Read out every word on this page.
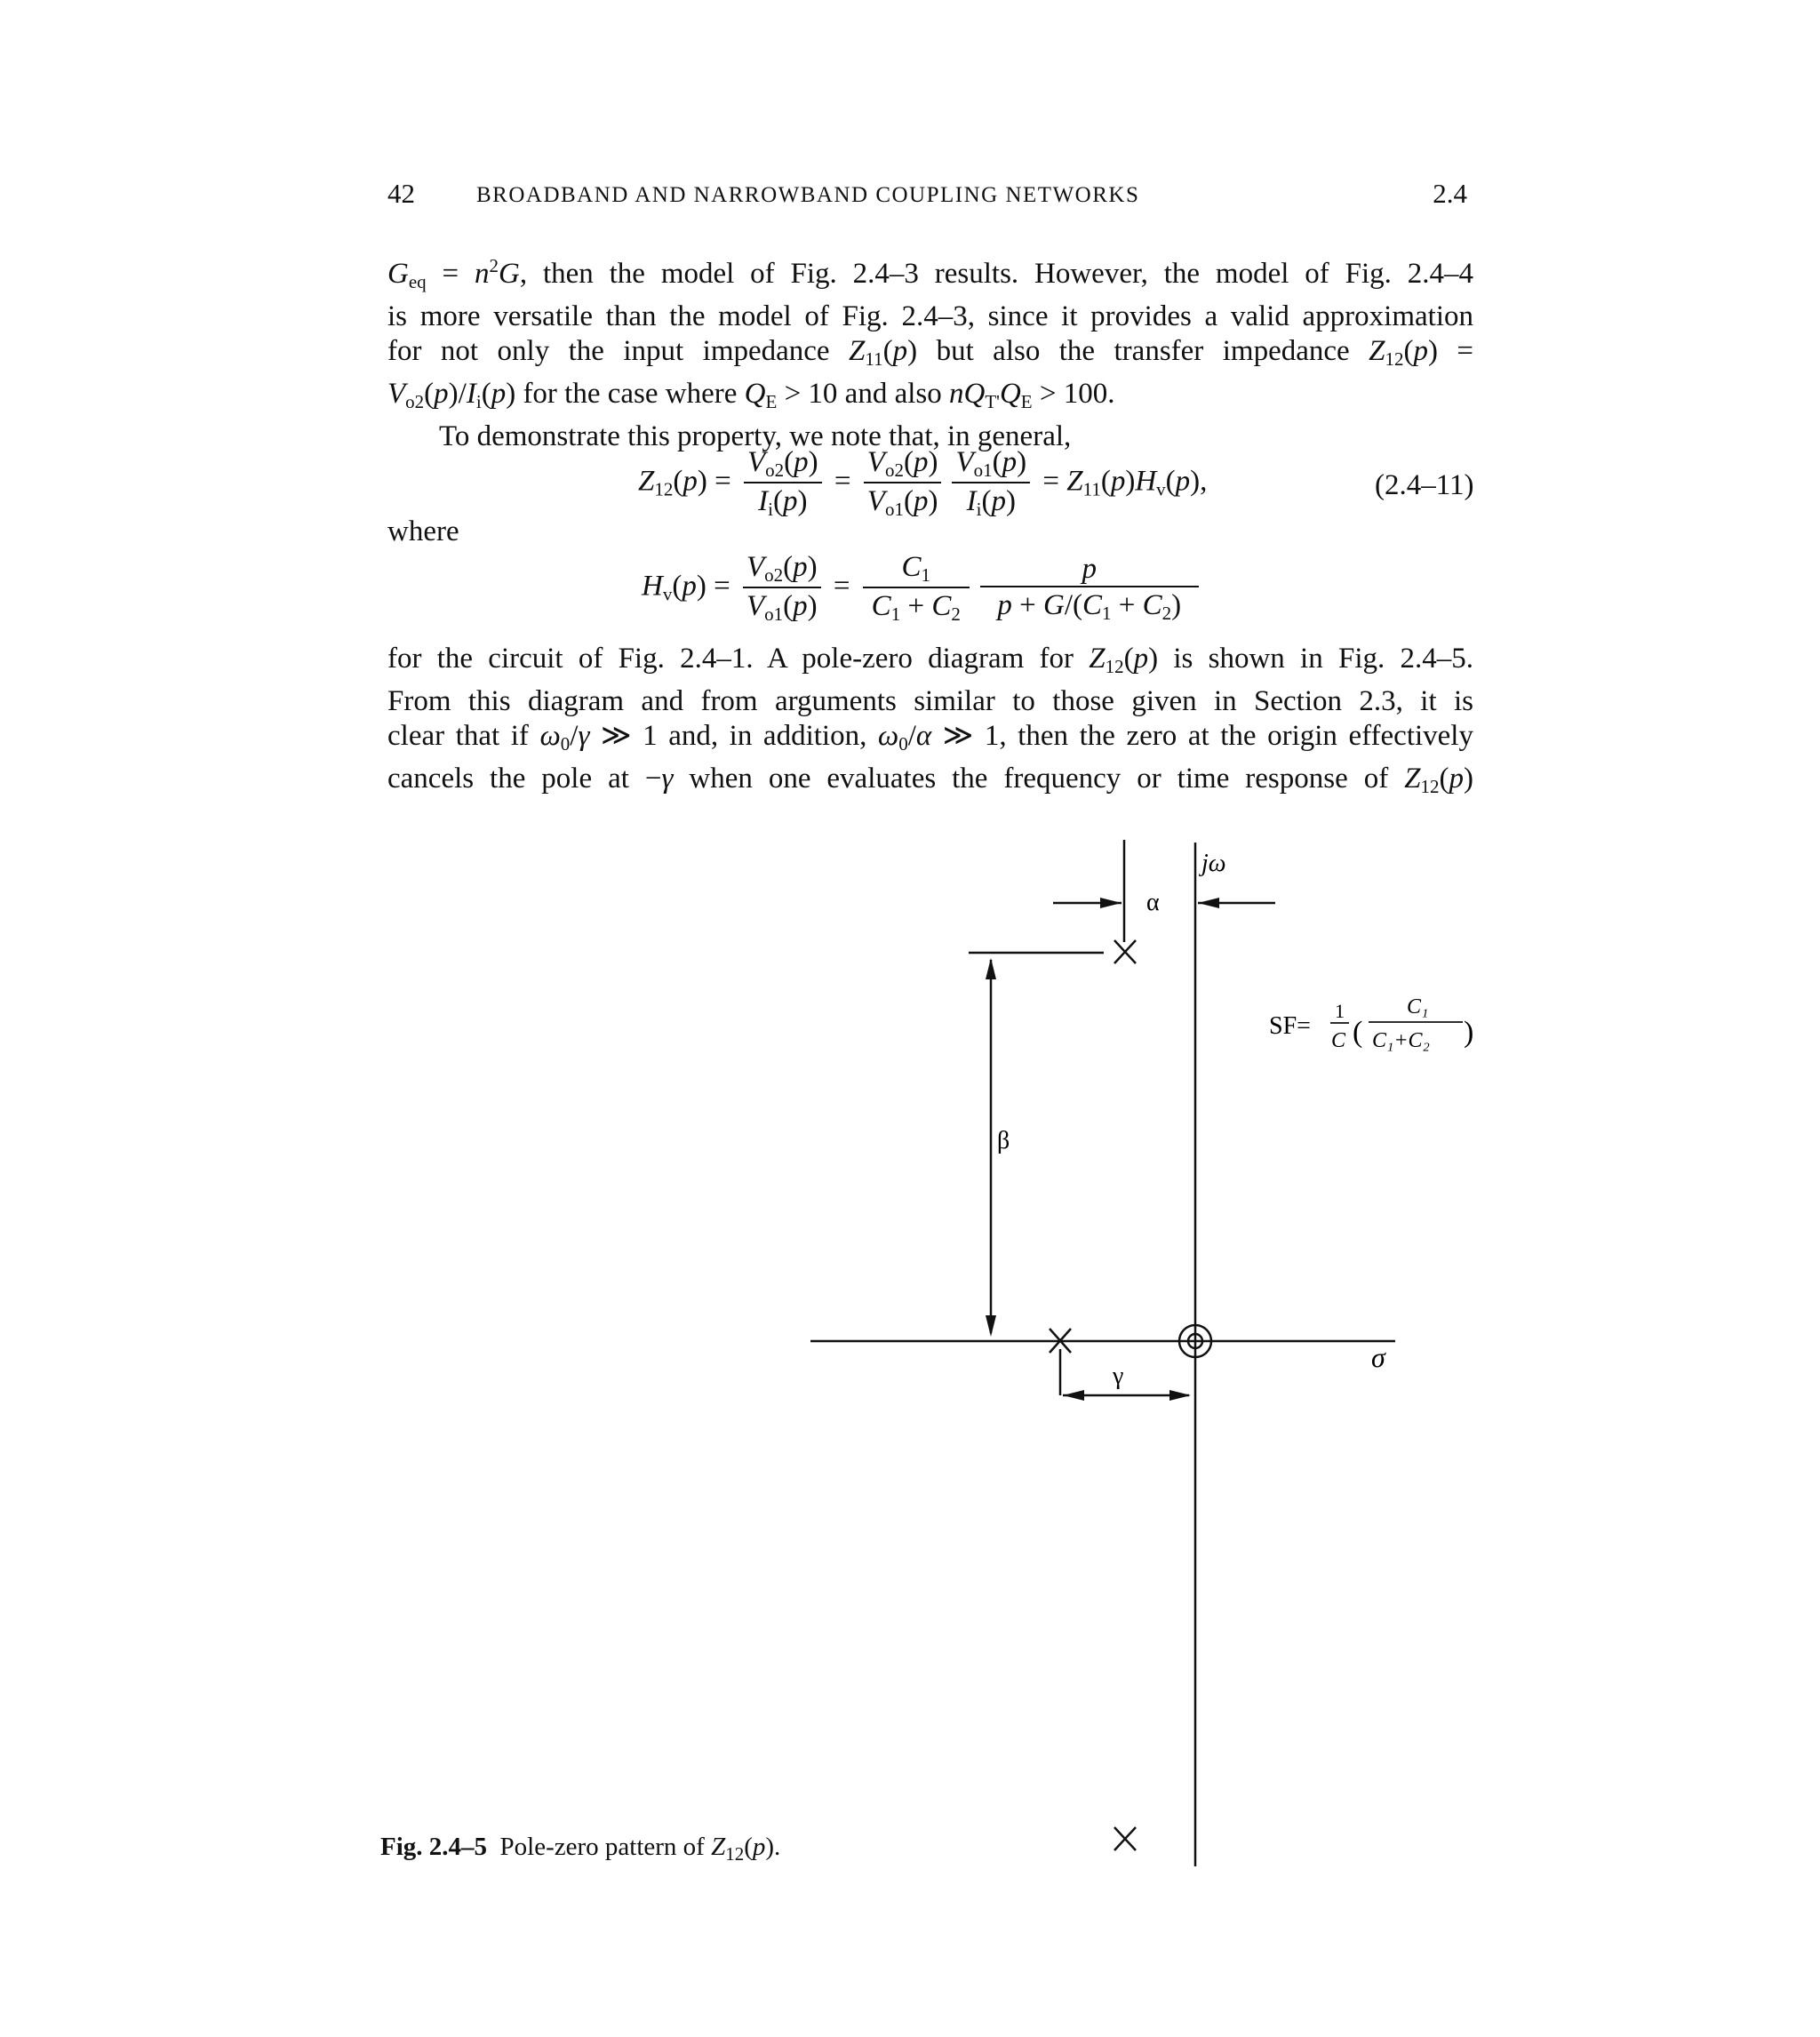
42	BROADBAND AND NARROWBAND COUPLING NETWORKS	2.4
$G_{eq} = n^2G$, then the model of Fig. 2.4–3 results. However, the model of Fig. 2.4–4
is more versatile than the model of Fig. 2.4–3, since it provides a valid approximation
for not only the input impedance $Z_{11}(p)$ but also the transfer impedance $Z_{12}(p)$ =
$V_{o2}(p)/I_i(p)$ for the case where $Q_E > 10$ and also $nQ_{T'}Q_E > 100$.
To demonstrate this property, we note that, in general,
$Z_{12}(p) = \frac{V_{o2}(p)}{I_i(p)} = \frac{V_{o2}(p)}{V_{o1}(p)} \frac{V_{o1}(p)}{I_i(p)} = Z_{11}(p)H_v(p)$,	(2.4–11)
where
$H_v(p) = \frac{V_{o2}(p)}{V_{o1}(p)} = \frac{C_1}{C_1 + C_2} \frac{p}{p + G/(C_1 + C_2)}$
for the circuit of Fig. 2.4–1. A pole-zero diagram for $Z_{12}(p)$ is shown in Fig. 2.4–5.
From this diagram and from arguments similar to those given in Section 2.3, it is
clear that if $\omega_0/\gamma$ ≫ 1 and, in addition, $\omega_0/\alpha$ ≫ 1, then the zero at the origin effectively
cancels the pole at −γ when one evaluates the frequency or time response of $Z_{12}(p)$
jω
α
β
γ
σ
SF=
1
C (
C₁
C₁+C₂ )
Fig. 2.4–5 Pole-zero pattern of $Z_{12}(p)$.
